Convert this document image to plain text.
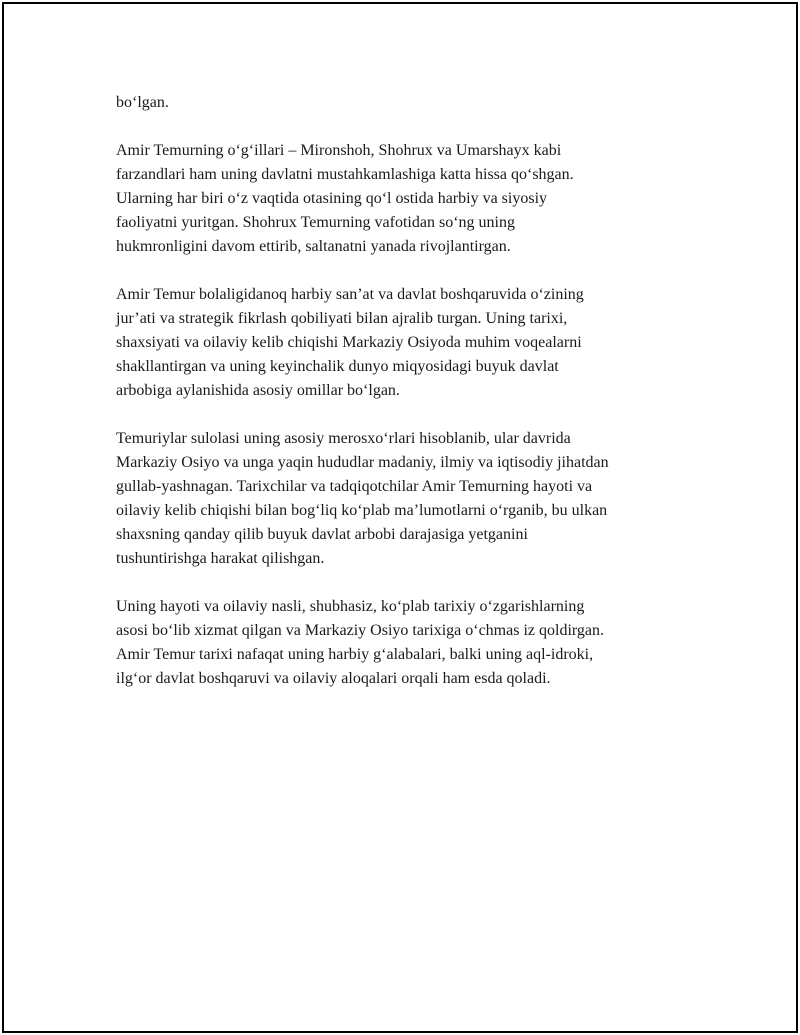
bo‘lgan.

Amir Temurning o‘g‘illari – Mironshoh, Shohrux va Umarshayx kabi
farzandlari ham uning davlatni mustahkamlashiga katta hissa qo‘shgan.
Ularning har biri o‘z vaqtida otasining qo‘l ostida harbiy va siyosiy
faoliyatni yuritgan. Shohrux Temurning vafotidan so‘ng uning
hukmronligini davom ettirib, saltanatni yanada rivojlantirgan.

Amir Temur bolaligidanoq harbiy san’at va davlat boshqaruvida o‘zining
jur’ati va strategik fikrlash qobiliyati bilan ajralib turgan. Uning tarixi,
shaxsiyati va oilaviy kelib chiqishi Markaziy Osiyoda muhim voqealarni
shakllantirgan va uning keyinchalik dunyo miqyosidagi buyuk davlat
arbobiga aylanishida asosiy omillar bo‘lgan.

Temuriylar sulolasi uning asosiy merosxo‘rlari hisoblanib, ular davrida
Markaziy Osiyo va unga yaqin hududlar madaniy, ilmiy va iqtisodiy jihatdan
gullab-yashnagan. Tarixchilar va tadqiqotchilar Amir Temurning hayoti va
oilaviy kelib chiqishi bilan bog‘liq ko‘plab ma’lumotlarni o‘rganib, bu ulkan
shaxsning qanday qilib buyuk davlat arbobi darajasiga yetganini
tushuntirishga harakat qilishgan.

Uning hayoti va oilaviy nasli, shubhasiz, ko‘plab tarixiy o‘zgarishlarning
asosi bo‘lib xizmat qilgan va Markaziy Osiyo tarixiga o‘chmas iz qoldirgan.
Amir Temur tarixi nafaqat uning harbiy g‘alabalari, balki uning aql-idroki,
ilg‘or davlat boshqaruvi va oilaviy aloqalari orqali ham esda qoladi.
